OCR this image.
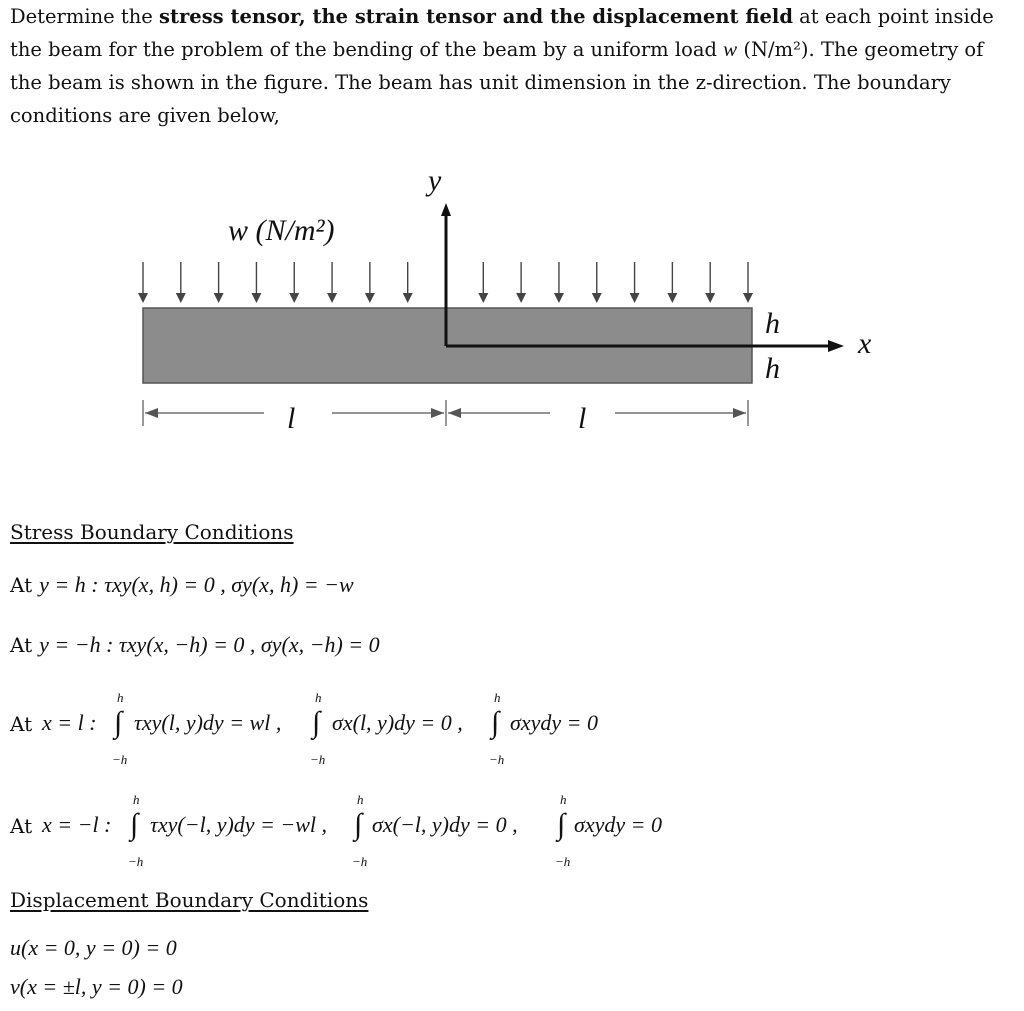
Determine the stress tensor, the strain tensor and the displacement field at each point inside the beam for the problem of the bending of the beam by a uniform load w (N/m²). The geometry of the beam is shown in the figure. The beam has unit dimension in the z-direction. The boundary conditions are given below,
y
x
w (N/m²)
h
h
l	l
Stress Boundary Conditions
At y = h : τxy(x, h) = 0 , σy(x, h) = −w
At y = −h : τxy(x, −h) = 0 , σy(x, −h) = 0
At x = l :
h
∫
−h
τxy(l, y)dy = wl ,
h
∫
−h
σx(l, y)dy = 0 ,
h
∫
−h
σxydy = 0
At x = −l :
h
∫
−h
τxy(−l, y)dy = −wl ,
h
∫
−h
σx(−l, y)dy = 0 ,
h
∫
−h
σxydy = 0
Displacement Boundary Conditions
u(x = 0, y = 0) = 0
v(x = ±l, y = 0) = 0
